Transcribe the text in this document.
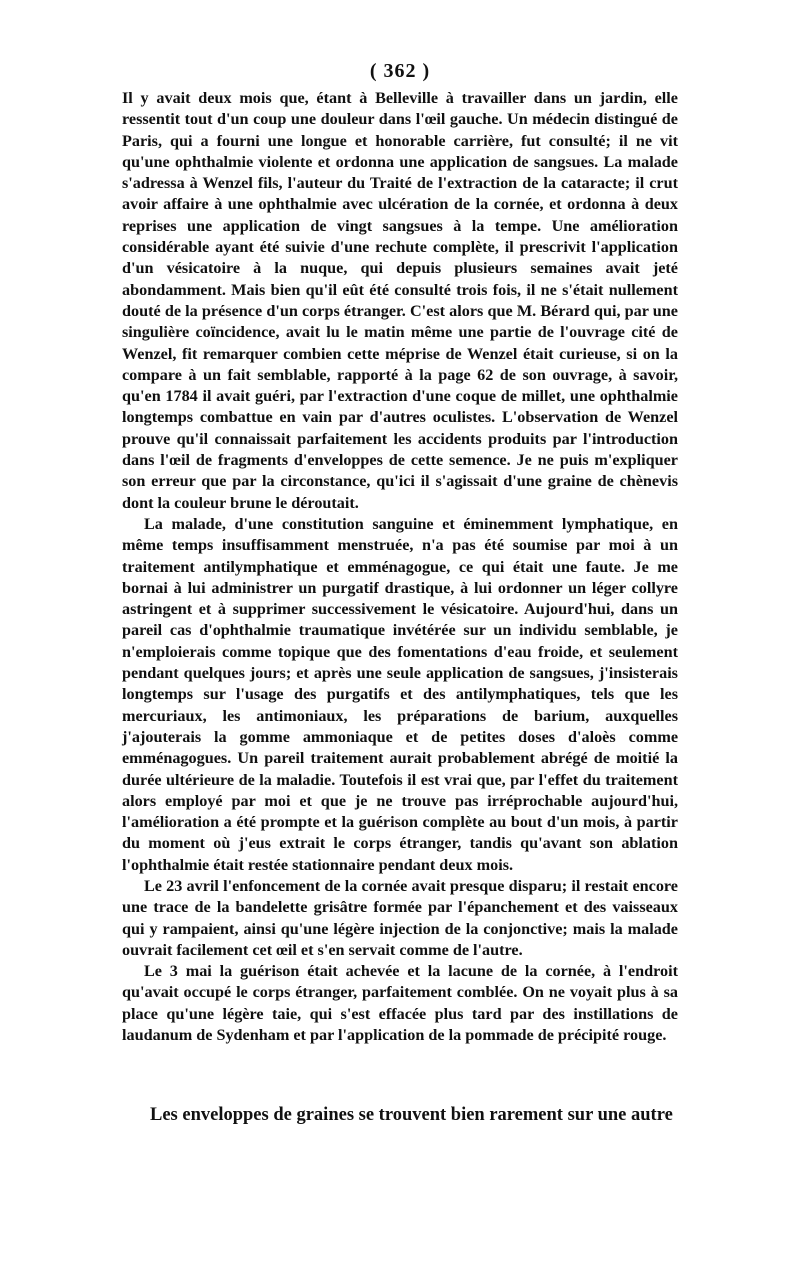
( 362 )

Il y avait deux mois que, étant à Belleville à travailler dans un jardin, elle ressentit tout d'un coup une douleur dans l'œil gauche. Un médecin distingué de Paris, qui a fourni une longue et honorable carrière, fut consulté; il ne vit qu'une ophthalmie violente et ordonna une application de sangsues. La malade s'adressa à Wenzel fils, l'auteur du Traité de l'extraction de la cataracte; il crut avoir affaire à une ophthalmie avec ulcération de la cornée, et ordonna à deux reprises une application de vingt sangsues à la tempe. Une amélioration considérable ayant été suivie d'une rechute complète, il prescrivit l'application d'un vésicatoire à la nuque, qui depuis plusieurs semaines avait jeté abondamment. Mais bien qu'il eût été consulté trois fois, il ne s'était nullement douté de la présence d'un corps étranger. C'est alors que M. Bérard qui, par une singulière coïncidence, avait lu le matin même une partie de l'ouvrage cité de Wenzel, fit remarquer combien cette méprise de Wenzel était curieuse, si on la compare à un fait semblable, rapporté à la page 62 de son ouvrage, à savoir, qu'en 1784 il avait guéri, par l'extraction d'une coque de millet, une ophthalmie longtemps combattue en vain par d'autres oculistes. L'observation de Wenzel prouve qu'il connaissait parfaitement les accidents produits par l'introduction dans l'œil de fragments d'enveloppes de cette semence. Je ne puis m'expliquer son erreur que par la circonstance, qu'ici il s'agissait d'une graine de chènevis dont la couleur brune le déroutait.

La malade, d'une constitution sanguine et éminemment lymphatique, en même temps insuffisamment menstruée, n'a pas été soumise par moi à un traitement antilymphatique et emménagogue, ce qui était une faute. Je me bornai à lui administrer un purgatif drastique, à lui ordonner un léger collyre astringent et à supprimer successivement le vésicatoire. Aujourd'hui, dans un pareil cas d'ophthalmie traumatique invétérée sur un individu semblable, je n'emploierais comme topique que des fomentations d'eau froide, et seulement pendant quelques jours; et après une seule application de sangsues, j'insisterais longtemps sur l'usage des purgatifs et des antilymphatiques, tels que les mercuriaux, les antimoniaux, les préparations de barium, auxquelles j'ajouterais la gomme ammoniaque et de petites doses d'aloès comme emménagogues. Un pareil traitement aurait probablement abrégé de moitié la durée ultérieure de la maladie. Toutefois il est vrai que, par l'effet du traitement alors employé par moi et que je ne trouve pas irréprochable aujourd'hui, l'amélioration a été prompte et la guérison complète au bout d'un mois, à partir du moment où j'eus extrait le corps étranger, tandis qu'avant son ablation l'ophthalmie était restée stationnaire pendant deux mois.

Le 23 avril l'enfoncement de la cornée avait presque disparu; il restait encore une trace de la bandelette grisâtre formée par l'épanchement et des vaisseaux qui y rampaient, ainsi qu'une légère injection de la conjonctive; mais la malade ouvrait facilement cet œil et s'en servait comme de l'autre.

Le 3 mai la guérison était achevée et la lacune de la cornée, à l'endroit qu'avait occupé le corps étranger, parfaitement comblée. On ne voyait plus à sa place qu'une légère taie, qui s'est effacée plus tard par des instillations de laudanum de Sydenham et par l'application de la pommade de précipité rouge.

Les enveloppes de graines se trouvent bien rarement sur une autre
